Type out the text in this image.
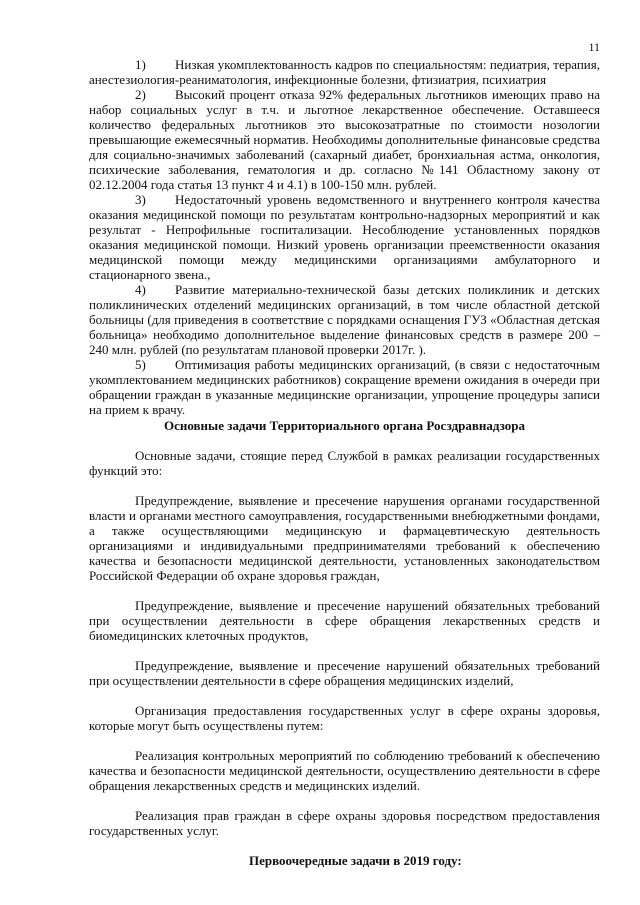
11

1) Низкая укомплектованность кадров по специальностям: педиатрия, терапия, анестезиология-реаниматология, инфекционные болезни, фтизиатрия, психиатрия

2) Высокий процент отказа 92% федеральных льготников имеющих право на набор социальных услуг в т.ч. и льготное лекарственное обеспечение. Оставшееся количество федеральных льготников это высокозатратные по стоимости нозологии превышающие ежемесячный норматив. Необходимы дополнительные финансовые средства для социально-значимых заболеваний (сахарный диабет, бронхиальная астма, онкология, психические заболевания, гематология и др. согласно №141 Областному закону от 02.12.2004 года статья 13 пункт 4 и 4.1) в 100-150 млн. рублей.

3) Недостаточный уровень ведомственного и внутреннего контроля качества оказания медицинской помощи по результатам контрольно-надзорных мероприятий и как результат - Непрофильные госпитализации. Несоблюдение установленных порядков оказания медицинской помощи. Низкий уровень организации преемственности оказания медицинской помощи между медицинскими организациями амбулаторного и стационарного звена.,

4) Развитие материально-технической базы детских поликлиник и детских поликлинических отделений медицинских организаций, в том числе областной детской больницы (для приведения в соответствие с порядками оснащения ГУЗ «Областная детская больница» необходимо дополнительное выделение финансовых средств в размере 200 – 240 млн. рублей (по результатам плановой проверки 2017г. ).

5) Оптимизация работы медицинских организаций, (в связи с недостаточным укомплектованием медицинских работников) сокращение времени ожидания в очереди при обращении граждан в указанные медицинские организации, упрощение процедуры записи на прием к врачу.

Основные задачи Территориального органа Росздравнадзора

Основные задачи, стоящие перед Службой в рамках реализации государственных функций это:

Предупреждение, выявление и пресечение нарушения органами государственной власти и органами местного самоуправления, государственными внебюджетными фондами, а также осуществляющими медицинскую и фармацевтическую деятельность организациями и индивидуальными предпринимателями требований к обеспечению качества и безопасности медицинской деятельности, установленных законодательством Российской Федерации об охране здоровья граждан,

Предупреждение, выявление и пресечение нарушений обязательных требований при осуществлении деятельности в сфере обращения лекарственных средств и биомедицинских клеточных продуктов,

Предупреждение, выявление и пресечение нарушений обязательных требований при осуществлении деятельности в сфере обращения медицинских изделий,

Организация предоставления государственных услуг в сфере охраны здоровья, которые могут быть осуществлены путем:

Реализация контрольных мероприятий по соблюдению требований к обеспечению качества и безопасности медицинской деятельности, осуществлению деятельности в сфере обращения лекарственных средств и медицинских изделий.

Реализация прав граждан в сфере охраны здоровья посредством предоставления государственных услуг.

Первоочередные задачи в 2019 году:
